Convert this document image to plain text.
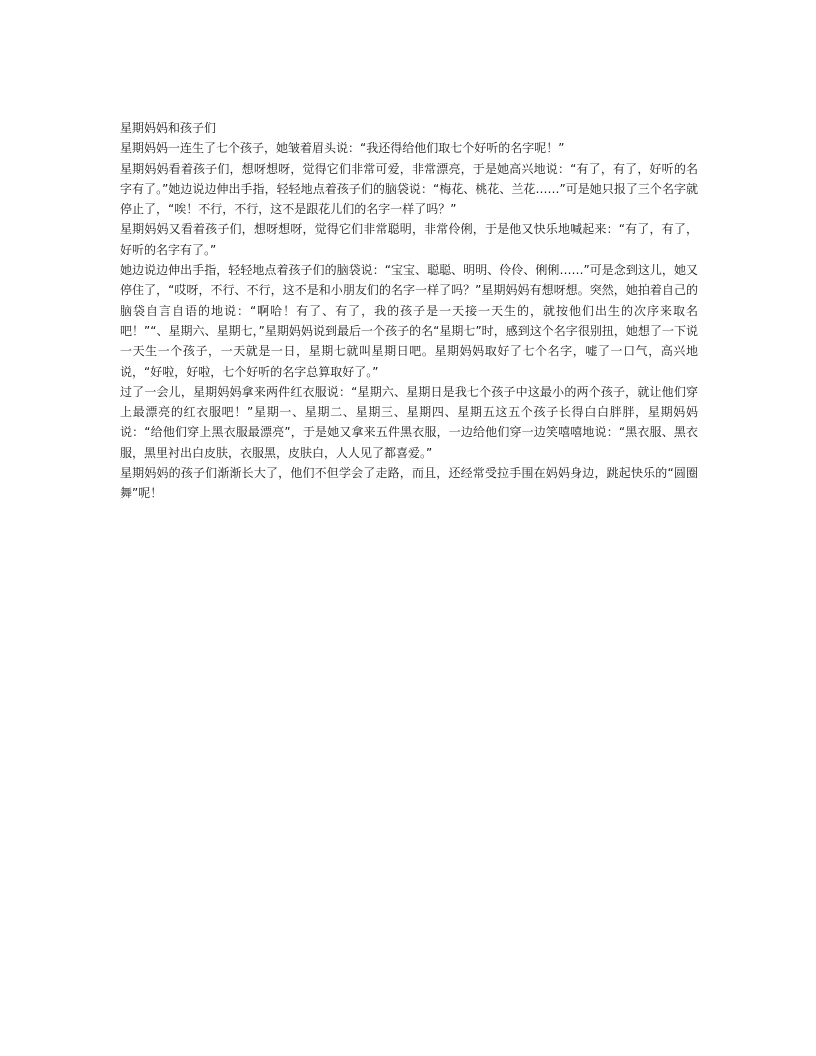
星期妈妈和孩子们

星期妈妈一连生了七个孩子，她皱着眉头说：“我还得给他们取七个好听的名字呢！”

星期妈妈看着孩子们，想呀想呀，觉得它们非常可爱，非常漂亮，于是她高兴地说：“有了，有了，好听的名字有了。”她边说边伸出手指，轻轻地点着孩子们的脑袋说：“梅花、桃花、兰花……”可是她只报了三个名字就停止了，“唉！不行，不行，这不是跟花儿们的名字一样了吗？”

星期妈妈又看着孩子们，想呀想呀，觉得它们非常聪明，非常伶俐，于是他又快乐地喊起来：“有了，有了，好听的名字有了。”

她边说边伸出手指，轻轻地点着孩子们的脑袋说：“宝宝、聪聪、明明、伶伶、俐俐……”可是念到这儿，她又停住了，“哎呀，不行、不行，这不是和小朋友们的名字一样了吗？”星期妈妈有想呀想。突然，她拍着自己的脑袋自言自语的地说：“啊哈！有了、有了，我的孩子是一天接一天生的，就按他们出生的次序来取名吧！”“、星期六、星期七，”星期妈妈说到最后一个孩子的名“星期七”时，感到这个名字很别扭，她想了一下说一天生一个孩子，一天就是一日，星期七就叫星期日吧。星期妈妈取好了七个名字，嘘了一口气，高兴地说，“好啦，好啦，七个好听的名字总算取好了。”

过了一会儿，星期妈妈拿来两件红衣服说：“星期六、星期日是我七个孩子中这最小的两个孩子，就让他们穿上最漂亮的红衣服吧！”星期一、星期二、星期三、星期四、星期五这五个孩子长得白白胖胖，星期妈妈说：“给他们穿上黑衣服最漂亮”，于是她又拿来五件黑衣服，一边给他们穿一边笑嘻嘻地说：“黑衣服、黑衣服，黑里衬出白皮肤，衣服黑，皮肤白，人人见了都喜爱。”

星期妈妈的孩子们渐渐长大了，他们不但学会了走路，而且，还经常受拉手围在妈妈身边，跳起快乐的“圆圈舞”呢！
